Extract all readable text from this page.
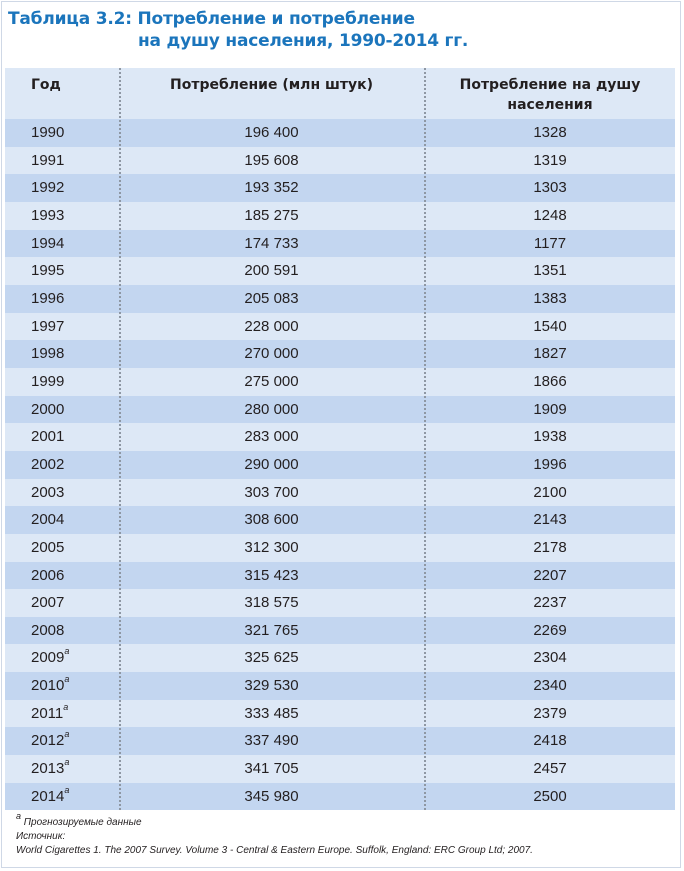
Таблица 3.2: Потребление и потребление
на душу населения, 1990-2014 гг.
Год	Потребление (млн штук)	Потребление на душу населения
1990	196 400	1328
1991	195 608	1319
1992	193 352	1303
1993	185 275	1248
1994	174 733	1177
1995	200 591	1351
1996	205 083	1383
1997	228 000	1540
1998	270 000	1827
1999	275 000	1866
2000	280 000	1909
2001	283 000	1938
2002	290 000	1996
2003	303 700	2100
2004	308 600	2143
2005	312 300	2178
2006	315 423	2207
2007	318 575	2237
2008	321 765	2269
2009$^a$	325 625	2304
2010$^a$	329 530	2340
2011$^a$	333 485	2379
2012$^a$	337 490	2418
2013$^a$	341 705	2457
2014$^a$	345 980	2500
$^a$ Прогнозируемые данные
Источник:
World Cigarettes 1. The 2007 Survey. Volume 3 - Central & Eastern Europe. Suffolk, England: ERC Group Ltd; 2007.
